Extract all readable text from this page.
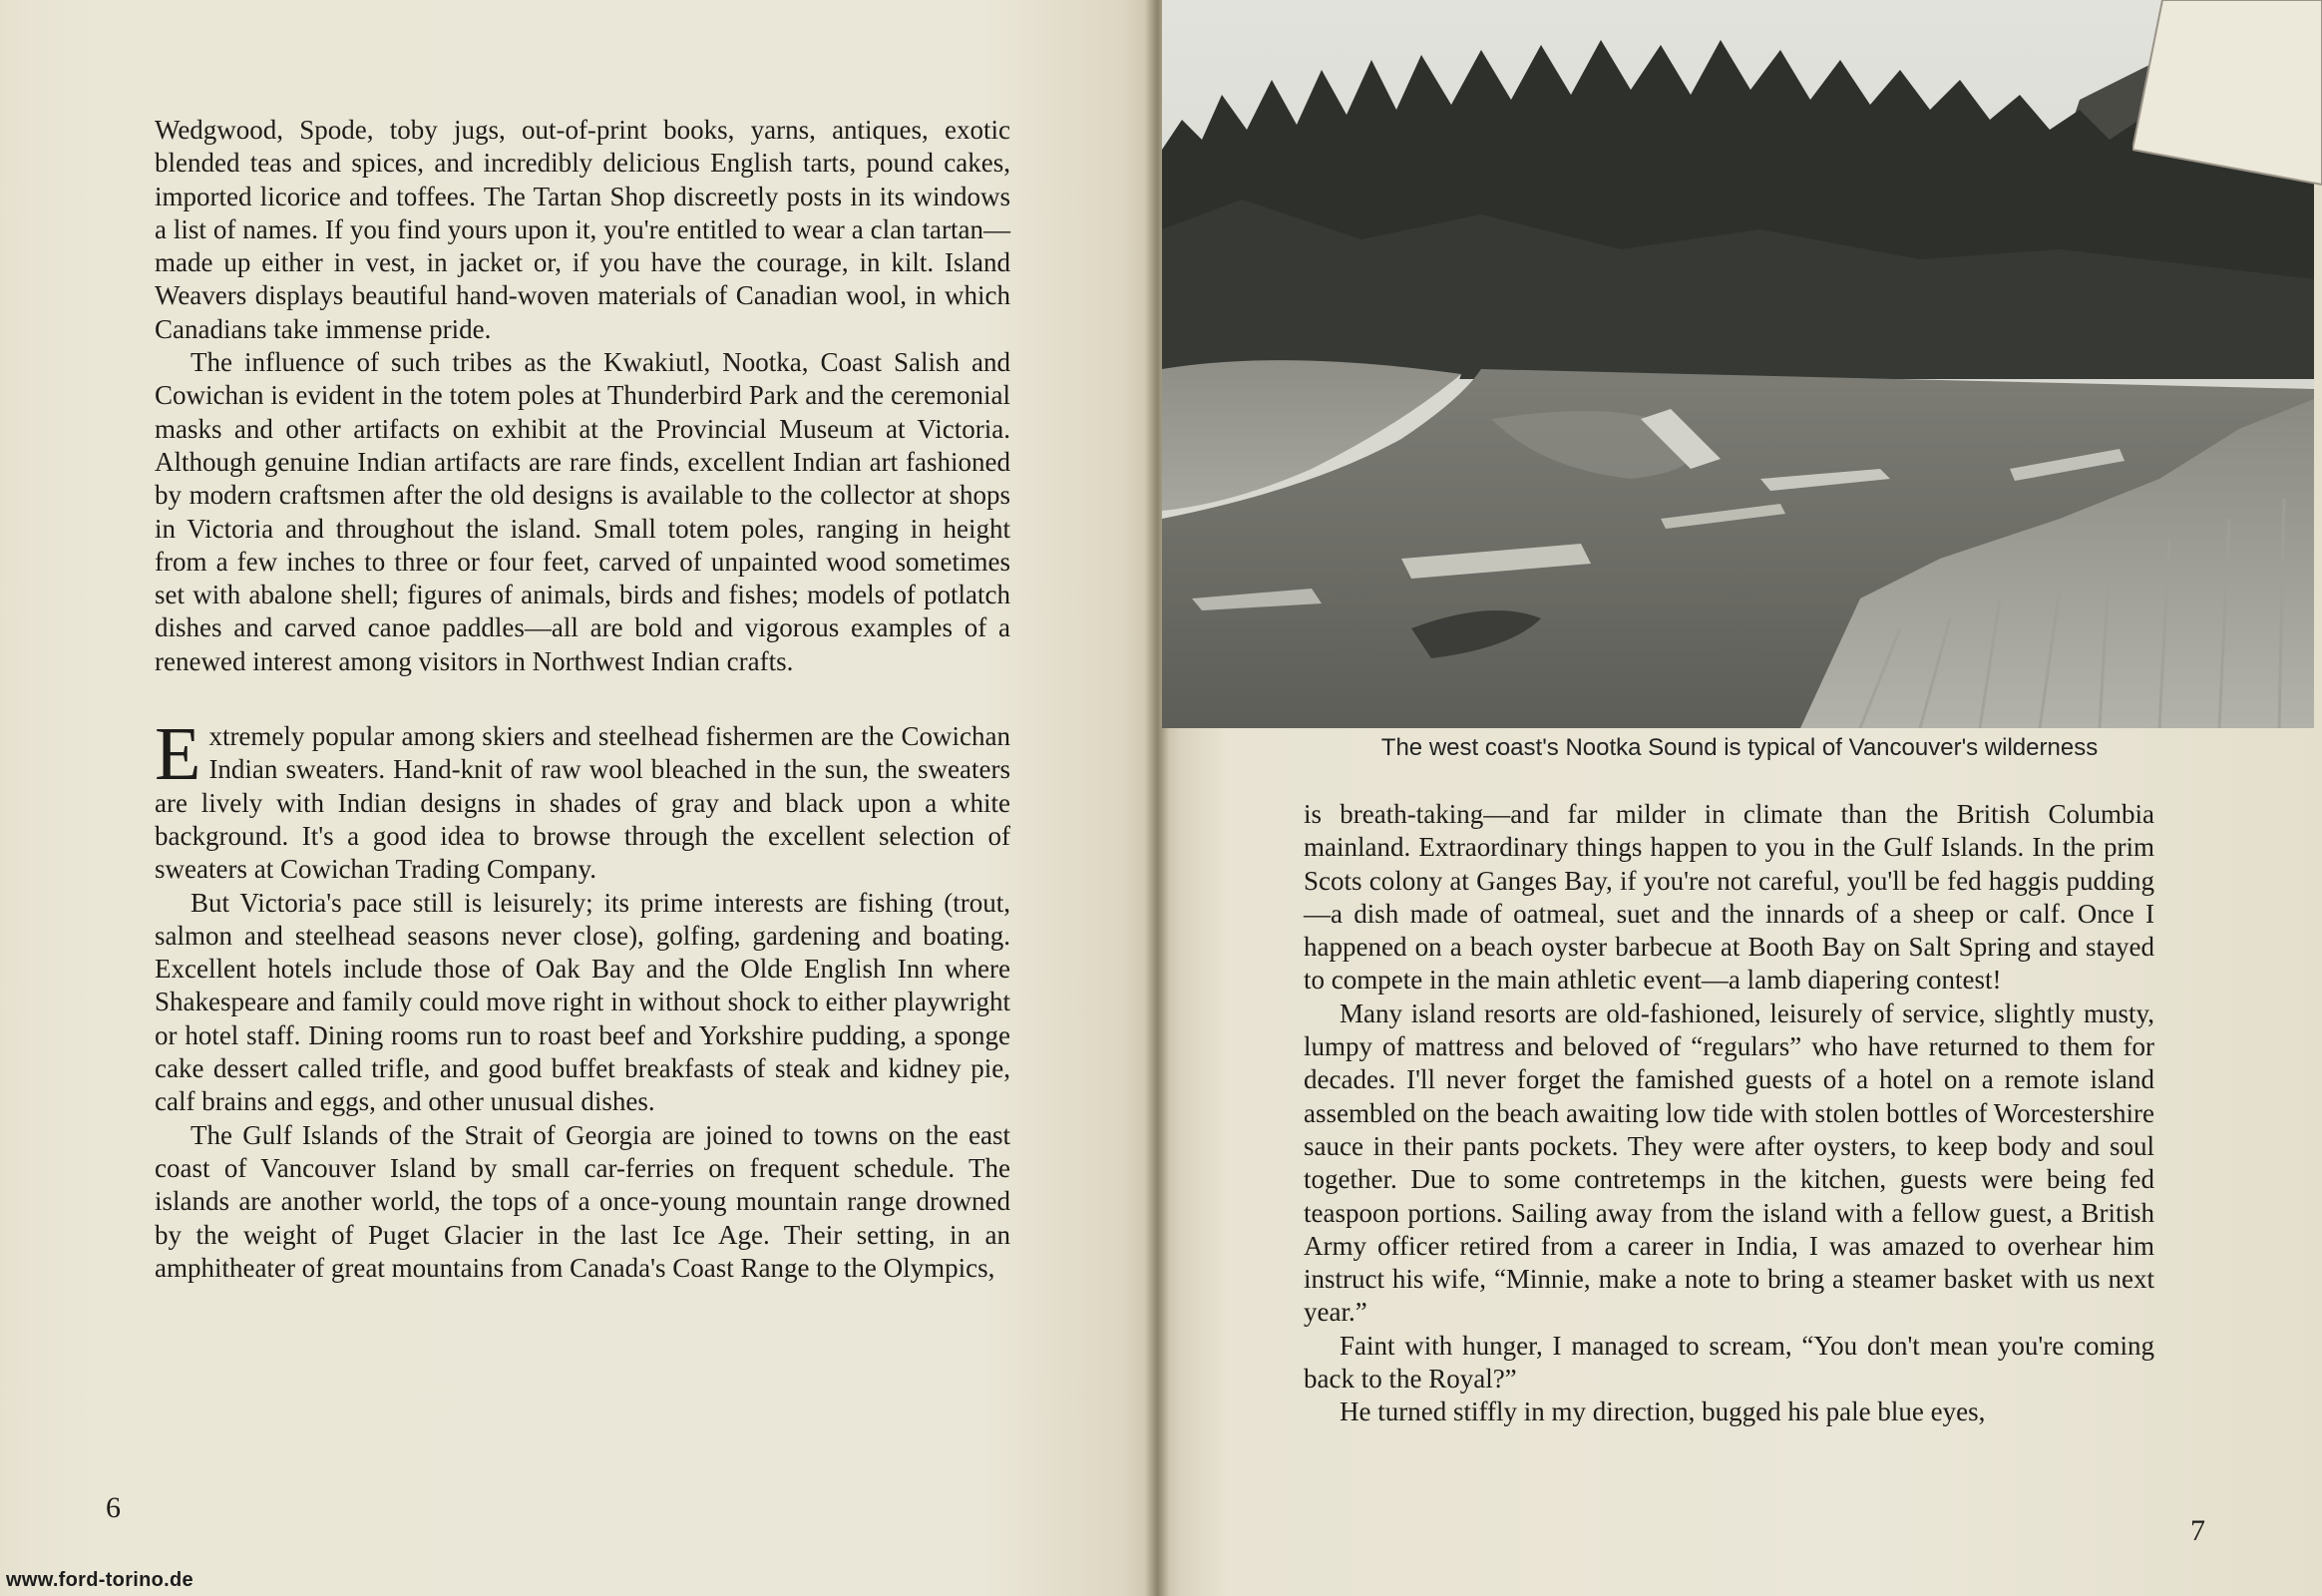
Wedgwood, Spode, toby jugs, out-of-print books, yarns, antiques, exotic blended teas and spices, and incredibly delicious English tarts, pound cakes, imported licorice and toffees. The Tartan Shop discreetly posts in its windows a list of names. If you find yours upon it, you're entitled to wear a clan tartan—made up either in vest, in jacket or, if you have the courage, in kilt. Island Weavers displays beautiful hand-woven materials of Canadian wool, in which Canadians take immense pride.

The influence of such tribes as the Kwakiutl, Nootka, Coast Salish and Cowichan is evident in the totem poles at Thunderbird Park and the ceremonial masks and other artifacts on exhibit at the Provincial Museum at Victoria. Although genuine Indian artifacts are rare finds, excellent Indian art fashioned by modern craftsmen after the old designs is available to the collector at shops in Victoria and throughout the island. Small totem poles, ranging in height from a few inches to three or four feet, carved of unpainted wood sometimes set with abalone shell; figures of animals, birds and fishes; models of potlatch dishes and carved canoe paddles—all are bold and vigorous examples of a renewed interest among visitors in Northwest Indian crafts.

Extremely popular among skiers and steelhead fishermen are the Cowichan Indian sweaters. Hand-knit of raw wool bleached in the sun, the sweaters are lively with Indian designs in shades of gray and black upon a white background. It's a good idea to browse through the excellent selection of sweaters at Cowichan Trading Company.

But Victoria's pace still is leisurely; its prime interests are fishing (trout, salmon and steelhead seasons never close), golfing, gardening and boating. Excellent hotels include those of Oak Bay and the Olde English Inn where Shakespeare and family could move right in without shock to either playwright or hotel staff. Dining rooms run to roast beef and Yorkshire pudding, a sponge cake dessert called trifle, and good buffet breakfasts of steak and kidney pie, calf brains and eggs, and other unusual dishes.

The Gulf Islands of the Strait of Georgia are joined to towns on the east coast of Vancouver Island by small car-ferries on frequent schedule. The islands are another world, the tops of a once-young mountain range drowned by the weight of Puget Glacier in the last Ice Age. Their setting, in an amphitheater of great mountains from Canada's Coast Range to the Olympics,

6
www.ford-torino.de
7
The west coast's Nootka Sound is typical of Vancouver's wilderness

is breath-taking—and far milder in climate than the British Columbia mainland. Extraordinary things happen to you in the Gulf Islands. In the prim Scots colony at Ganges Bay, if you're not careful, you'll be fed haggis pudding—a dish made of oatmeal, suet and the innards of a sheep or calf. Once I happened on a beach oyster barbecue at Booth Bay on Salt Spring and stayed to compete in the main athletic event—a lamb diapering contest!

Many island resorts are old-fashioned, leisurely of service, slightly musty, lumpy of mattress and beloved of “regulars” who have returned to them for decades. I'll never forget the famished guests of a hotel on a remote island assembled on the beach awaiting low tide with stolen bottles of Worcestershire sauce in their pants pockets. They were after oysters, to keep body and soul together. Due to some contretemps in the kitchen, guests were being fed teaspoon portions. Sailing away from the island with a fellow guest, a British Army officer retired from a career in India, I was amazed to overhear him instruct his wife, “Minnie, make a note to bring a steamer basket with us next year.”

Faint with hunger, I managed to scream, “You don't mean you're coming back to the Royal?”

He turned stiffly in my direction, bugged his pale blue eyes,
